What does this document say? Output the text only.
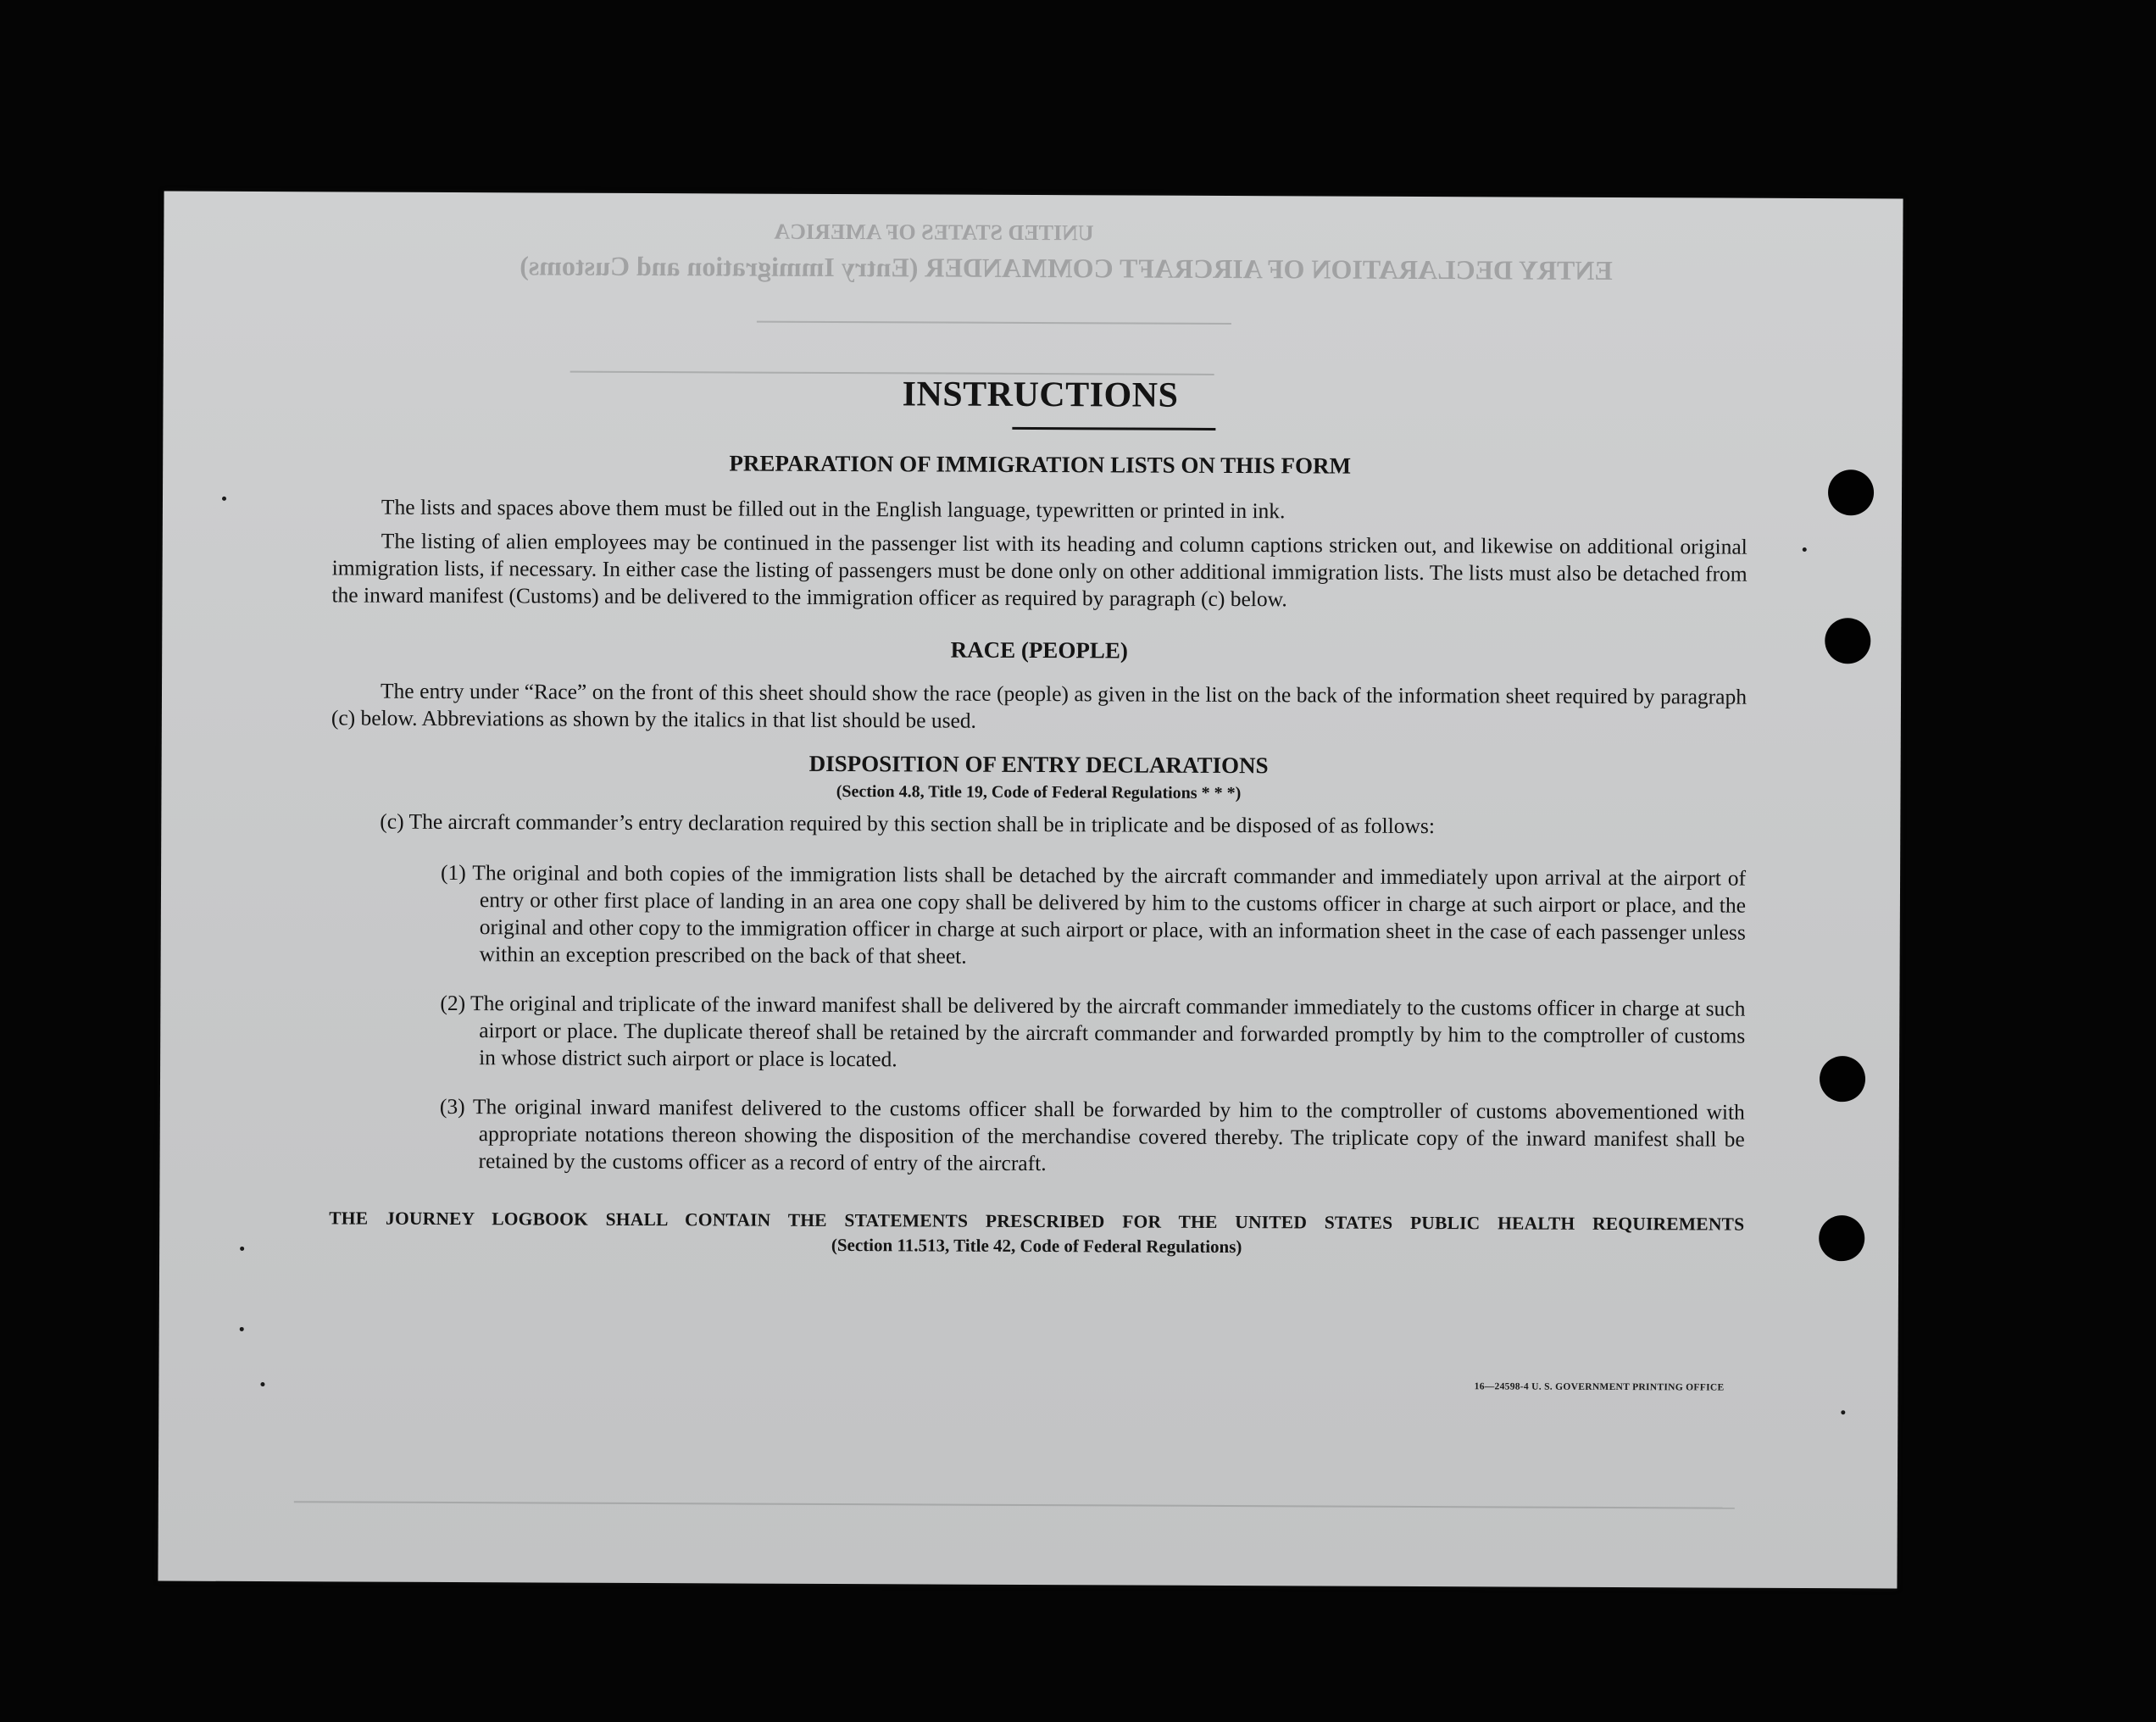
UNITED STATES OF AMERICA
ENTRY DECLARATION OF AIRCRAFT COMMANDER (Entry Immigration and Customs)
INSTRUCTIONS
PREPARATION OF IMMIGRATION LISTS ON THIS FORM

The lists and spaces above them must be filled out in the English language, typewritten or printed in ink.

The listing of alien employees may be continued in the passenger list with its heading and column captions stricken out, and likewise on additional original immigration lists, if necessary. In either case the listing of passengers must be done only on other additional immigration lists. The lists must also be detached from the inward manifest (Customs) and be delivered to the immigration officer as required by paragraph (c) below.

RACE (PEOPLE)

The entry under “Race” on the front of this sheet should show the race (people) as given in the list on the back of the information sheet required by paragraph (c) below. Abbreviations as shown by the italics in that list should be used.

DISPOSITION OF ENTRY DECLARATIONS

(Section 4.8, Title 19, Code of Federal Regulations * * *)

(c) The aircraft commander’s entry declaration required by this section shall be in triplicate and be disposed of as follows:

(1) The original and both copies of the immigration lists shall be detached by the aircraft commander and immediately upon arrival at the airport of entry or other first place of landing in an area one copy shall be delivered by him to the customs officer in charge at such airport or place, and the original and other copy to the immigration officer in charge at such airport or place, with an information sheet in the case of each passenger unless within an exception prescribed on the back of that sheet.

(2) The original and triplicate of the inward manifest shall be delivered by the aircraft commander immediately to the customs officer in charge at such airport or place. The duplicate thereof shall be retained by the aircraft commander and forwarded promptly by him to the comptroller of customs in whose district such airport or place is located.

(3) The original inward manifest delivered to the customs officer shall be forwarded by him to the comptroller of customs abovementioned with appropriate notations thereon showing the disposition of the merchandise covered thereby. The triplicate copy of the inward manifest shall be retained by the customs officer as a record of entry of the aircraft.

THE JOURNEY LOGBOOK SHALL CONTAIN THE STATEMENTS PRESCRIBED FOR THE UNITED STATES PUBLIC HEALTH REQUIREMENTS

(Section 11.513, Title 42, Code of Federal Regulations)

16—24598-4 U. S. GOVERNMENT PRINTING OFFICE
